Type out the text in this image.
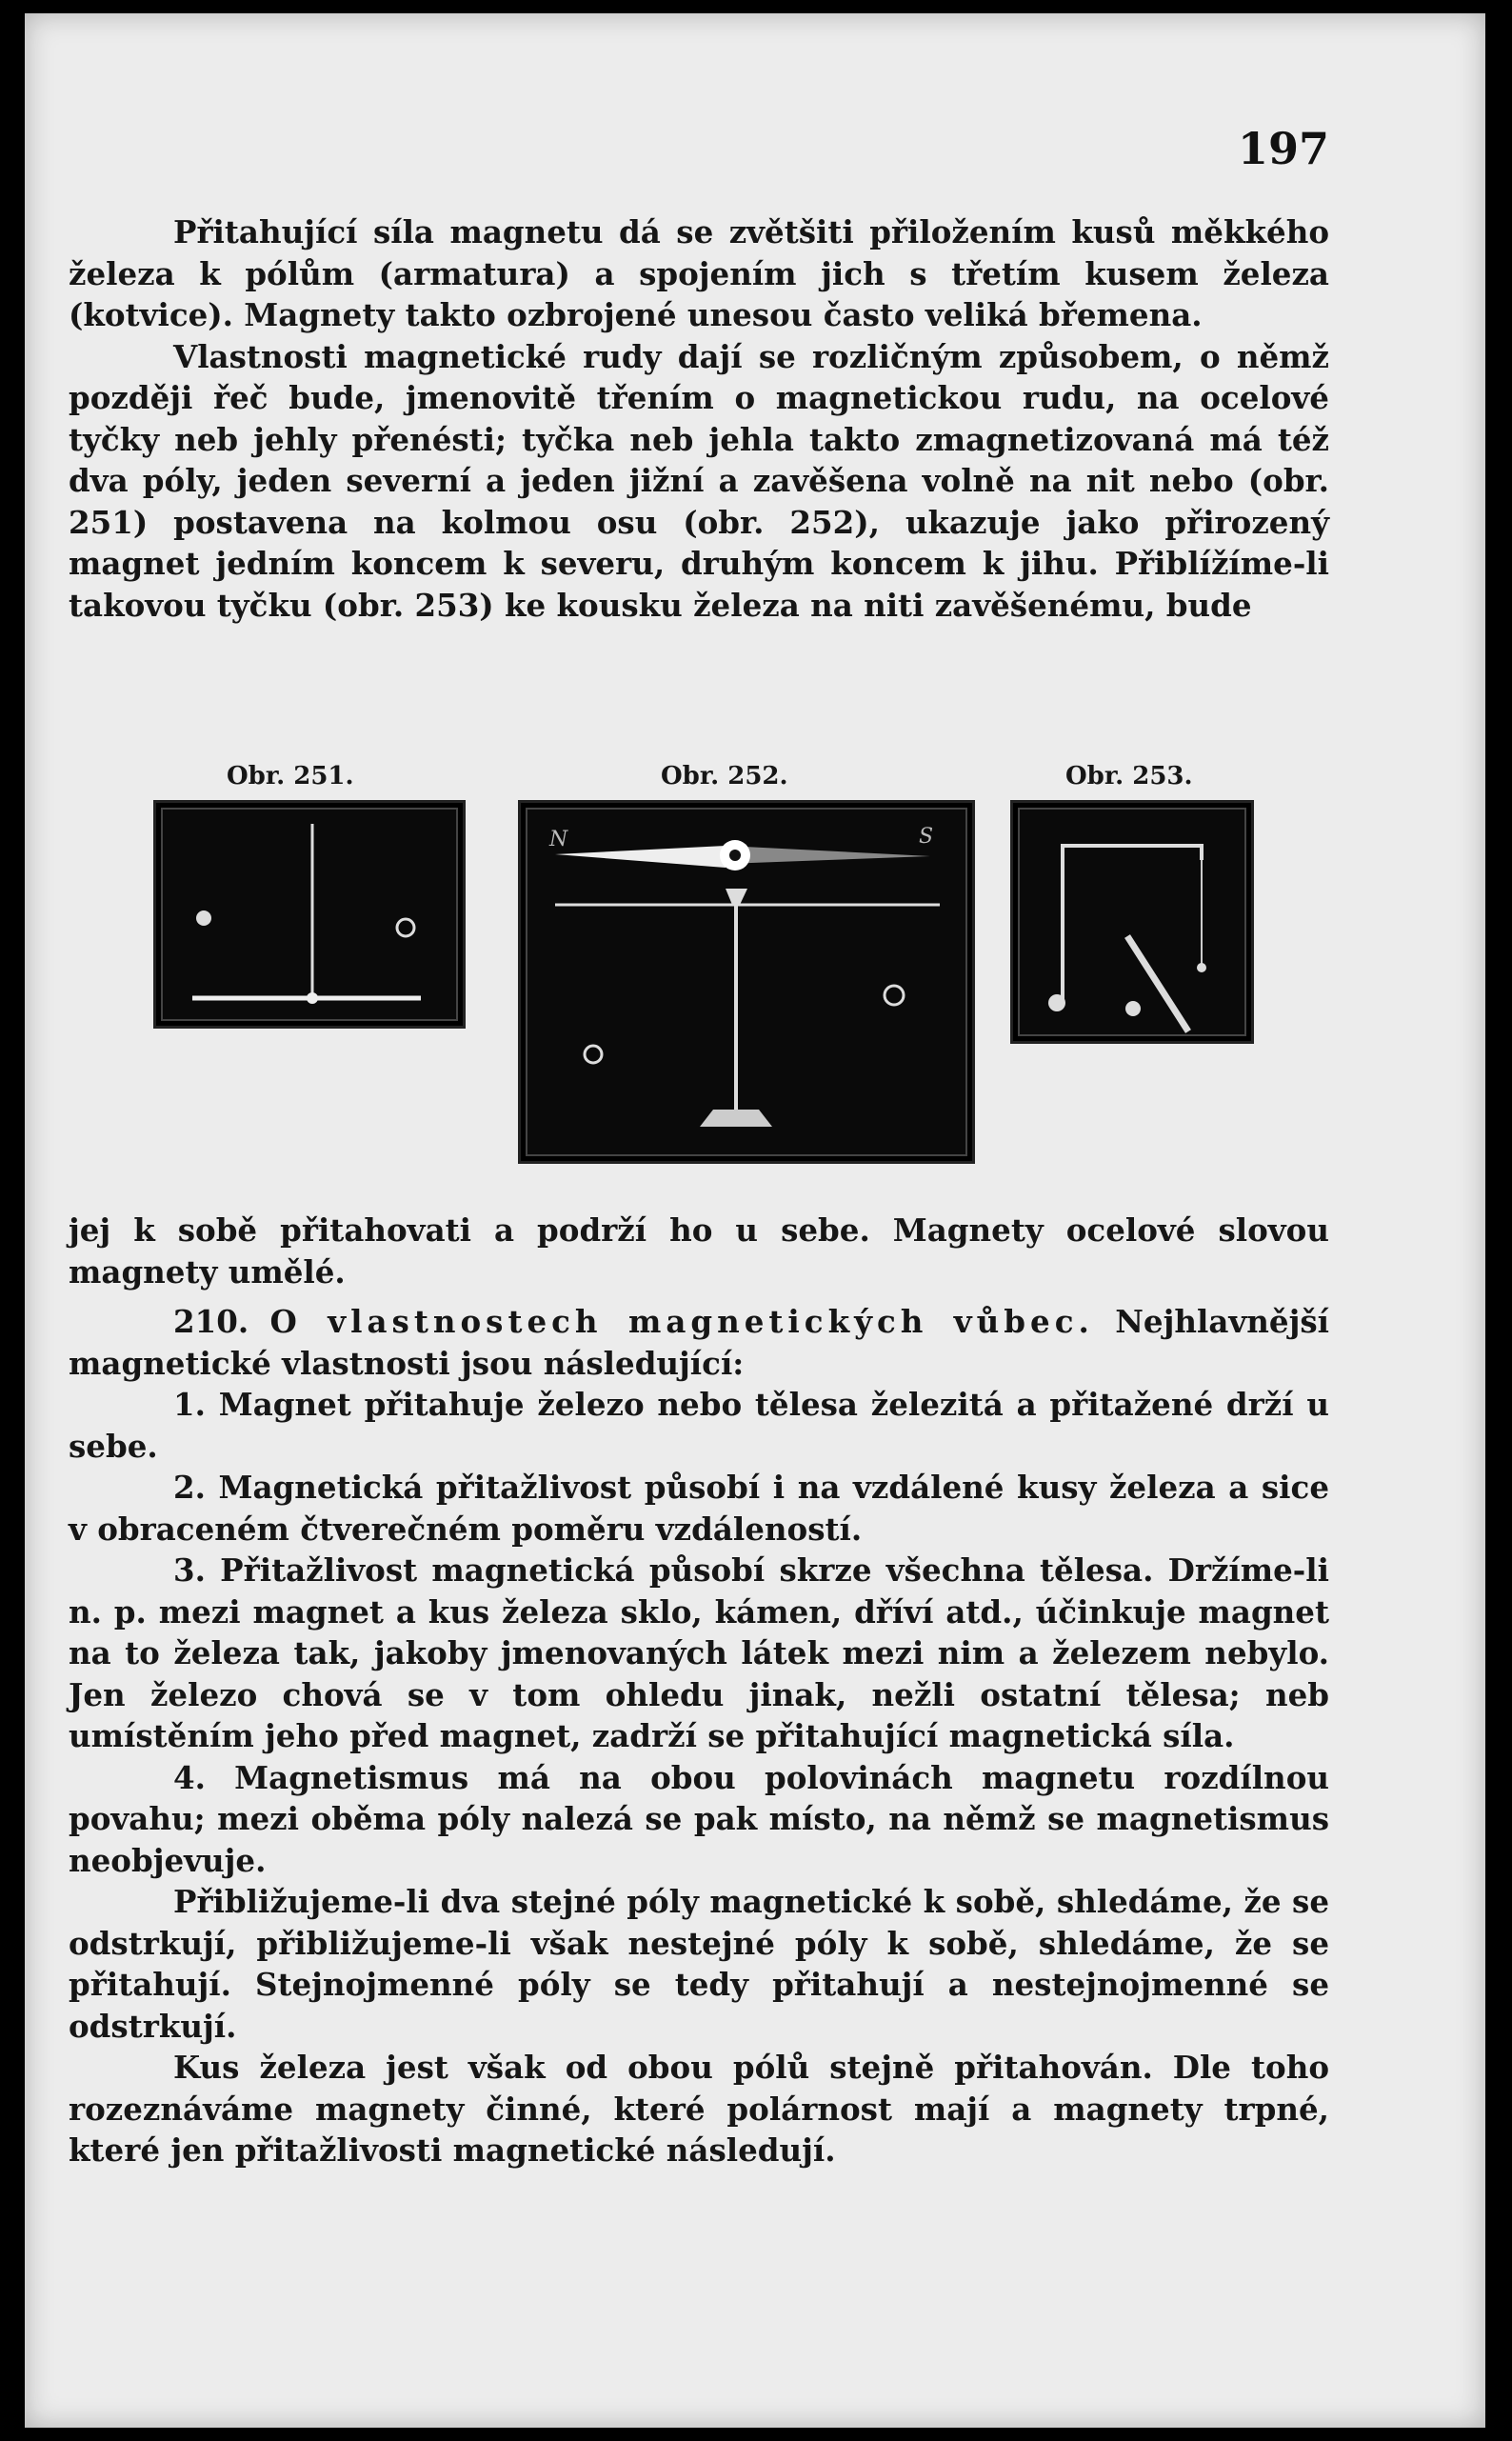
197

Přitahující síla magnetu dá se zvětšiti přiložením kusů měkkého železa k pólům (armatura) a spojením jich s třetím kusem železa (kotvice). Magnety takto ozbrojené unesou často veliká břemena.

Vlastnosti magnetické rudy dají se rozličným způsobem, o němž později řeč bude, jmenovitě třením o magnetickou rudu, na ocelové tyčky neb jehly přenésti; tyčka neb jehla takto zmagnetizovaná má též dva póly, jeden severní a jeden jižní a zavěšena volně na nit nebo (obr. 251) postavena na kolmou osu (obr. 252), ukazuje jako přirozený magnet jedním koncem k severu, druhým koncem k jihu. Přiblížíme-li takovou tyčku (obr. 253) ke kousku železa na niti zavěšenému, bude

Obr. 251.	Obr. 252.	Obr. 253.
N	S

jej k sobě přitahovati a podrží ho u sebe. Magnety ocelové slovou magnety umělé.

210. O vlastnostech magnetických vůbec. Nejhlavnější magnetické vlastnosti jsou následující:

1. Magnet přitahuje železo nebo tělesa železitá a přitažené drží u sebe.

2. Magnetická přitažlivost působí i na vzdálené kusy železa a sice v obraceném čtverečném poměru vzdáleností.

3. Přitažlivost magnetická působí skrze všechna tělesa. Držíme-li n. p. mezi magnet a kus železa sklo, kámen, dříví atd., účinkuje magnet na to železa tak, jakoby jmenovaných látek mezi nim a železem nebylo. Jen železo chová se v tom ohledu jinak, nežli ostatní tělesa; neb umístěním jeho před magnet, zadrží se přitahující magnetická síla.

4. Magnetismus má na obou polovinách magnetu rozdílnou povahu; mezi oběma póly nalezá se pak místo, na němž se magnetismus neobjevuje.

Přibližujeme-li dva stejné póly magnetické k sobě, shledáme, že se odstrkují, přibližujeme-li však nestejné póly k sobě, shledáme, že se přitahují. Stejnojmenné póly se tedy přitahují a nestejnojmenné se odstrkují.

Kus železa jest však od obou pólů stejně přitahován. Dle toho rozeznáváme magnety činné, které polárnost mají a magnety trpné, které jen přitažlivosti magnetické následují.
